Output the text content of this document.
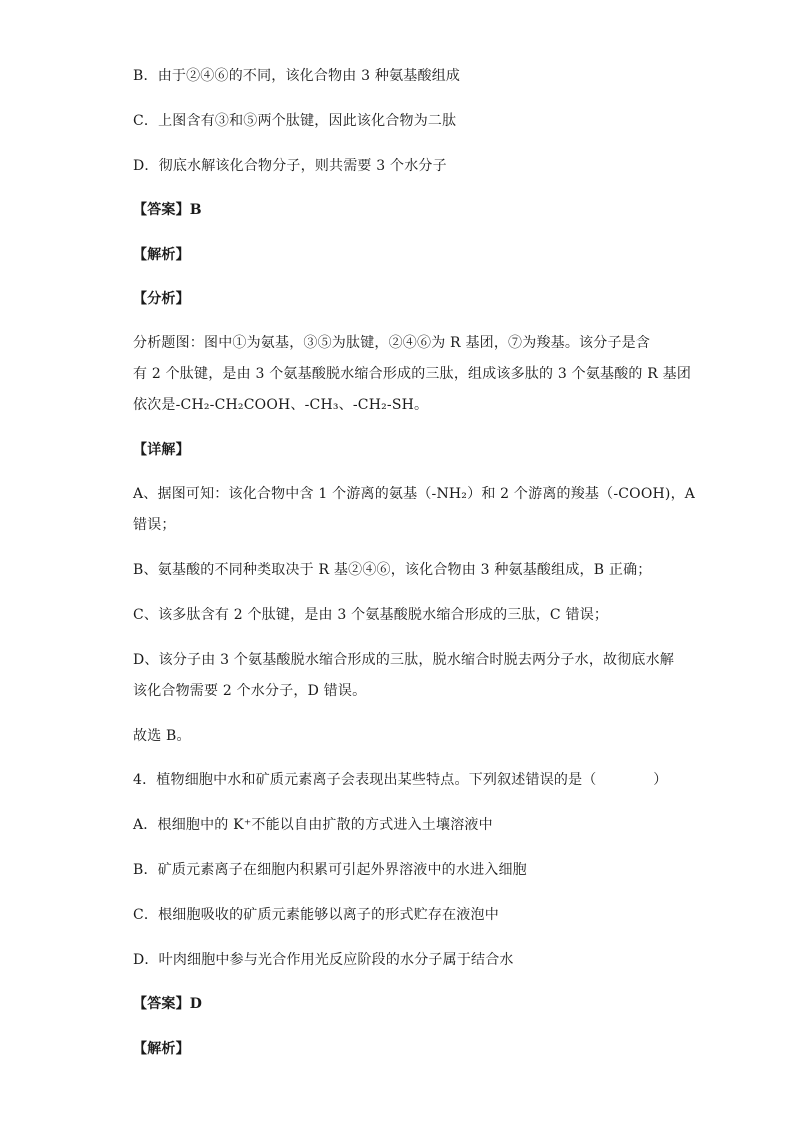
B．由于②④⑥的不同，该化合物由 3 种氨基酸组成
C．上图含有③和⑤两个肽键，因此该化合物为二肽
D．彻底水解该化合物分子，则共需要 3 个水分子
【答案】B
【解析】
【分析】
分析题图：图中①为氨基，③⑤为肽键，②④⑥为 R 基团，⑦为羧基。该分子是含
有 2 个肽键，是由 3 个氨基酸脱水缩合形成的三肽，组成该多肽的 3 个氨基酸的 R 基团
依次是-CH₂-CH₂COOH、-CH₃、-CH₂-SH。
【详解】
A、据图可知：该化合物中含 1 个游离的氨基（-NH₂）和 2 个游离的羧基（-COOH)，A
错误；
B、氨基酸的不同种类取决于 R 基②④⑥，该化合物由 3 种氨基酸组成，B 正确；
C、该多肽含有 2 个肽键，是由 3 个氨基酸脱水缩合形成的三肽，C 错误；
D、该分子由 3 个氨基酸脱水缩合形成的三肽，脱水缩合时脱去两分子水，故彻底水解
该化合物需要 2 个水分子，D 错误。
故选 B。
4．植物细胞中水和矿质元素离子会表现出某些特点。下列叙述错误的是（　　　　）
A．根细胞中的 K⁺不能以自由扩散的方式进入土壤溶液中
B．矿质元素离子在细胞内积累可引起外界溶液中的水进入细胞
C．根细胞吸收的矿质元素能够以离子的形式贮存在液泡中
D．叶肉细胞中参与光合作用光反应阶段的水分子属于结合水
【答案】D
【解析】
